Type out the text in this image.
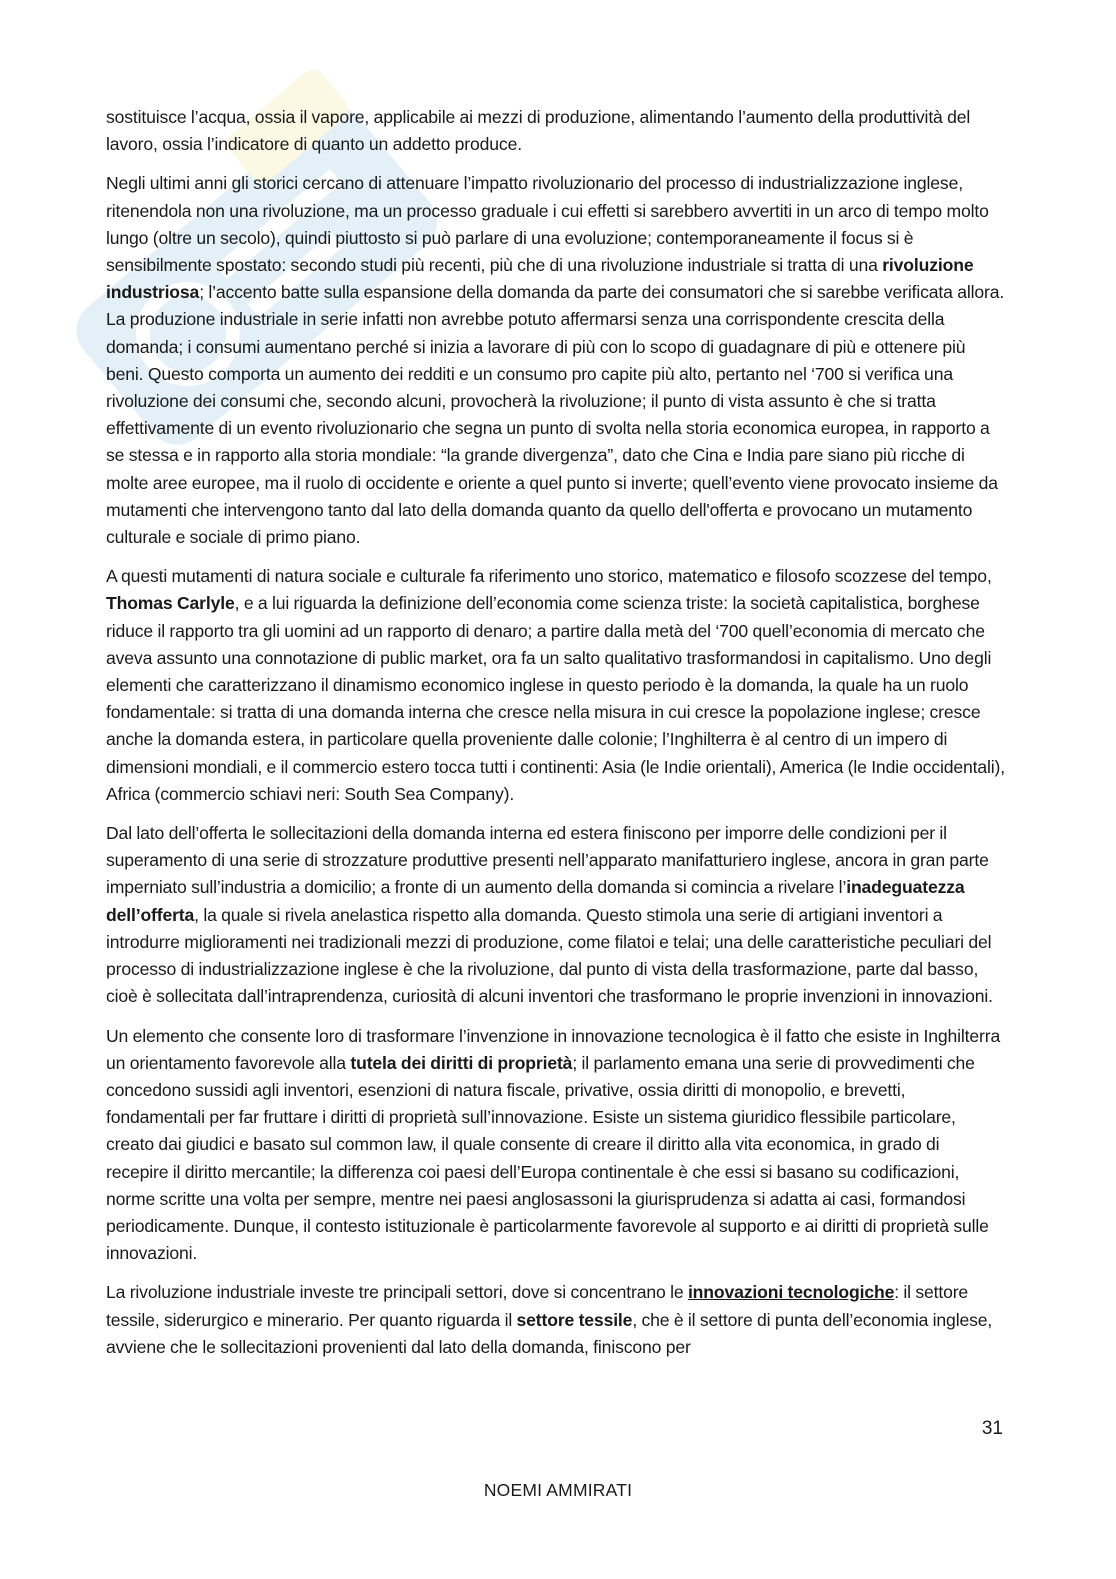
sostituisce l’acqua, ossia il vapore, applicabile ai mezzi di produzione, alimentando l’aumento della produttività del lavoro, ossia l’indicatore di quanto un addetto produce.

Negli ultimi anni gli storici cercano di attenuare l’impatto rivoluzionario del processo di industrializzazione inglese, ritenendola non una rivoluzione, ma un processo graduale i cui effetti si sarebbero avvertiti in un arco di tempo molto lungo (oltre un secolo), quindi piuttosto si può parlare di una evoluzione; contemporaneamente il focus si è sensibilmente spostato: secondo studi più recenti, più che di una rivoluzione industriale si tratta di una rivoluzione industriosa; l’accento batte sulla espansione della domanda da parte dei consumatori che si sarebbe verificata allora. La produzione industriale in serie infatti non avrebbe potuto affermarsi senza una corrispondente crescita della domanda; i consumi aumentano perché si inizia a lavorare di più con lo scopo di guadagnare di più e ottenere più beni. Questo comporta un aumento dei redditi e un consumo pro capite più alto, pertanto nel ‘700 si verifica una rivoluzione dei consumi che, secondo alcuni, provocherà la rivoluzione; il punto di vista assunto è che si tratta effettivamente di un evento rivoluzionario che segna un punto di svolta nella storia economica europea, in rapporto a se stessa e in rapporto alla storia mondiale: “la grande divergenza”, dato che Cina e India pare siano più ricche di molte aree europee, ma il ruolo di occidente e oriente a quel punto si inverte; quell’evento viene provocato insieme da mutamenti che intervengono tanto dal lato della domanda quanto da quello dell'offerta e provocano un mutamento culturale e sociale di primo piano.

A questi mutamenti di natura sociale e culturale fa riferimento uno storico, matematico e filosofo scozzese del tempo, Thomas Carlyle, e a lui riguarda la definizione dell’economia come scienza triste: la società capitalistica, borghese riduce il rapporto tra gli uomini ad un rapporto di denaro; a partire dalla metà del ‘700 quell’economia di mercato che aveva assunto una connotazione di public market, ora fa un salto qualitativo trasformandosi in capitalismo. Uno degli elementi che caratterizzano il dinamismo economico inglese in questo periodo è la domanda, la quale ha un ruolo fondamentale: si tratta di una domanda interna che cresce nella misura in cui cresce la popolazione inglese; cresce anche la domanda estera, in particolare quella proveniente dalle colonie; l’Inghilterra è al centro di un impero di dimensioni mondiali, e il commercio estero tocca tutti i continenti: Asia (le Indie orientali), America (le Indie occidentali), Africa (commercio schiavi neri: South Sea Company).

Dal lato dell’offerta le sollecitazioni della domanda interna ed estera finiscono per imporre delle condizioni per il superamento di una serie di strozzature produttive presenti nell’apparato manifatturiero inglese, ancora in gran parte imperniato sull’industria a domicilio; a fronte di un aumento della domanda si comincia a rivelare l’inadeguatezza dell’offerta, la quale si rivela anelastica rispetto alla domanda. Questo stimola una serie di artigiani inventori a introdurre miglioramenti nei tradizionali mezzi di produzione, come filatoi e telai; una delle caratteristiche peculiari del processo di industrializzazione inglese è che la rivoluzione, dal punto di vista della trasformazione, parte dal basso, cioè è sollecitata dall’intraprendenza, curiosità di alcuni inventori che trasformano le proprie invenzioni in innovazioni.

Un elemento che consente loro di trasformare l’invenzione in innovazione tecnologica è il fatto che esiste in Inghilterra un orientamento favorevole alla tutela dei diritti di proprietà; il parlamento emana una serie di provvedimenti che concedono sussidi agli inventori, esenzioni di natura fiscale, privative, ossia diritti di monopolio, e brevetti, fondamentali per far fruttare i diritti di proprietà sull’innovazione. Esiste un sistema giuridico flessibile particolare, creato dai giudici e basato sul common law, il quale consente di creare il diritto alla vita economica, in grado di recepire il diritto mercantile; la differenza coi paesi dell’Europa continentale è che essi si basano su codificazioni, norme scritte una volta per sempre, mentre nei paesi anglosassoni la giurisprudenza si adatta ai casi, formandosi periodicamente. Dunque, il contesto istituzionale è particolarmente favorevole al supporto e ai diritti di proprietà sulle innovazioni.

La rivoluzione industriale investe tre principali settori, dove si concentrano le innovazioni tecnologiche: il settore tessile, siderurgico e minerario. Per quanto riguarda il settore tessile, che è il settore di punta dell’economia inglese, avviene che le sollecitazioni provenienti dal lato della domanda, finiscono per

31
NOEMI AMMIRATI
